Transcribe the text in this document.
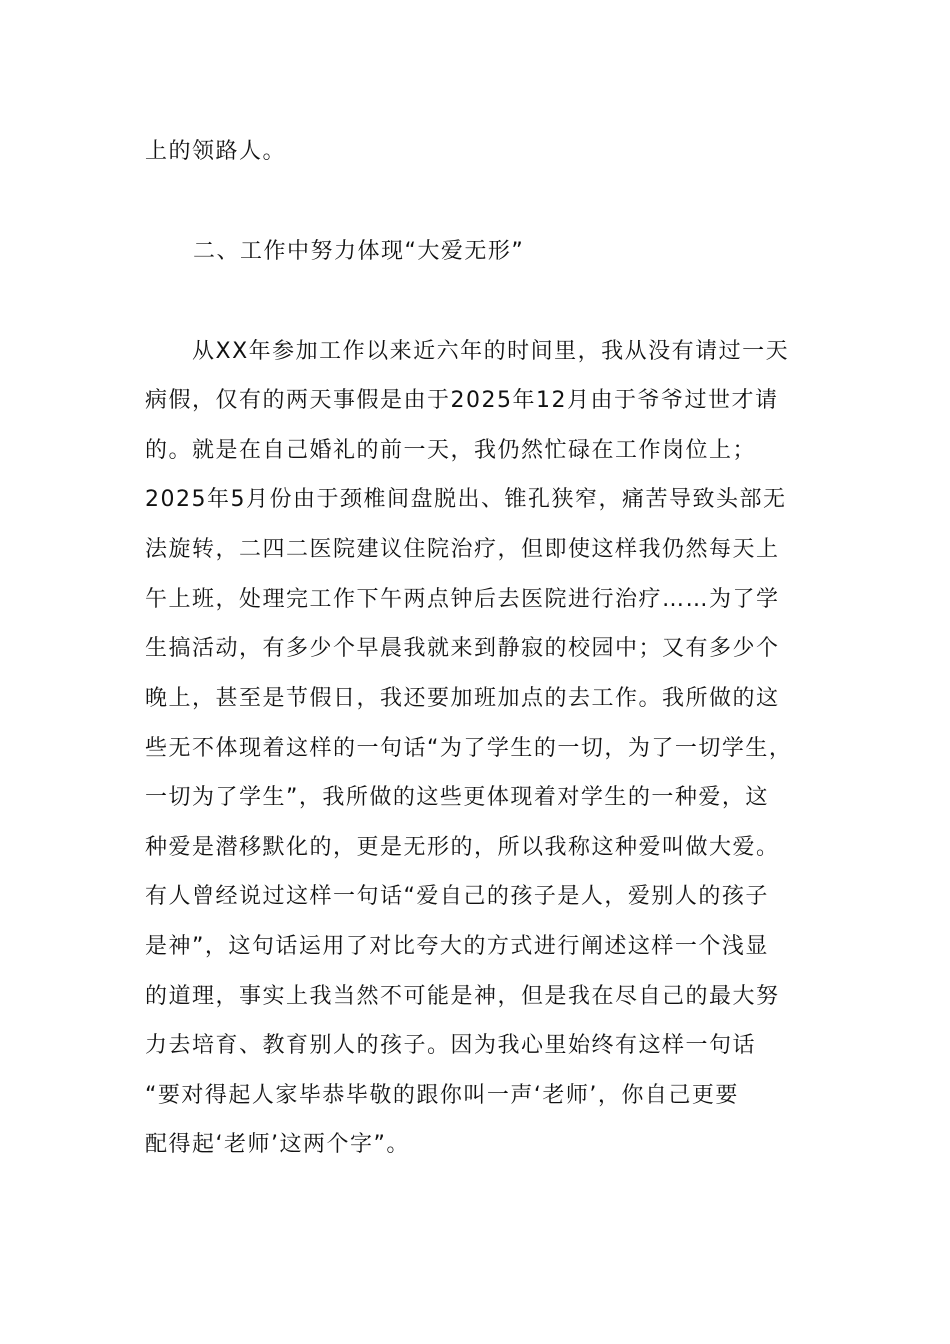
上的领路人。
二、工作中努力体现“大爱无形”
　　从XX年参加工作以来近六年的时间里，我从没有请过一天
病假，仅有的两天事假是由于2025年12月由于爷爷过世才请
的。就是在自己婚礼的前一天，我仍然忙碌在工作岗位上；
2025年5月份由于颈椎间盘脱出、锥孔狭窄，痛苦导致头部无
法旋转，二四二医院建议住院治疗，但即使这样我仍然每天上
午上班，处理完工作下午两点钟后去医院进行治疗……为了学
生搞活动，有多少个早晨我就来到静寂的校园中；又有多少个
晚上，甚至是节假日，我还要加班加点的去工作。我所做的这
些无不体现着这样的一句话“为了学生的一切，为了一切学生，
一切为了学生”，我所做的这些更体现着对学生的一种爱，这
种爱是潜移默化的，更是无形的，所以我称这种爱叫做大爱。
有人曾经说过这样一句话“爱自己的孩子是人，爱别人的孩子
是神”，这句话运用了对比夸大的方式进行阐述这样一个浅显
的道理，事实上我当然不可能是神，但是我在尽自己的最大努
力去培育、教育别人的孩子。因为我心里始终有这样一句话
“要对得起人家毕恭毕敬的跟你叫一声‘老师’，你自己更要
配得起‘老师’这两个字”。
